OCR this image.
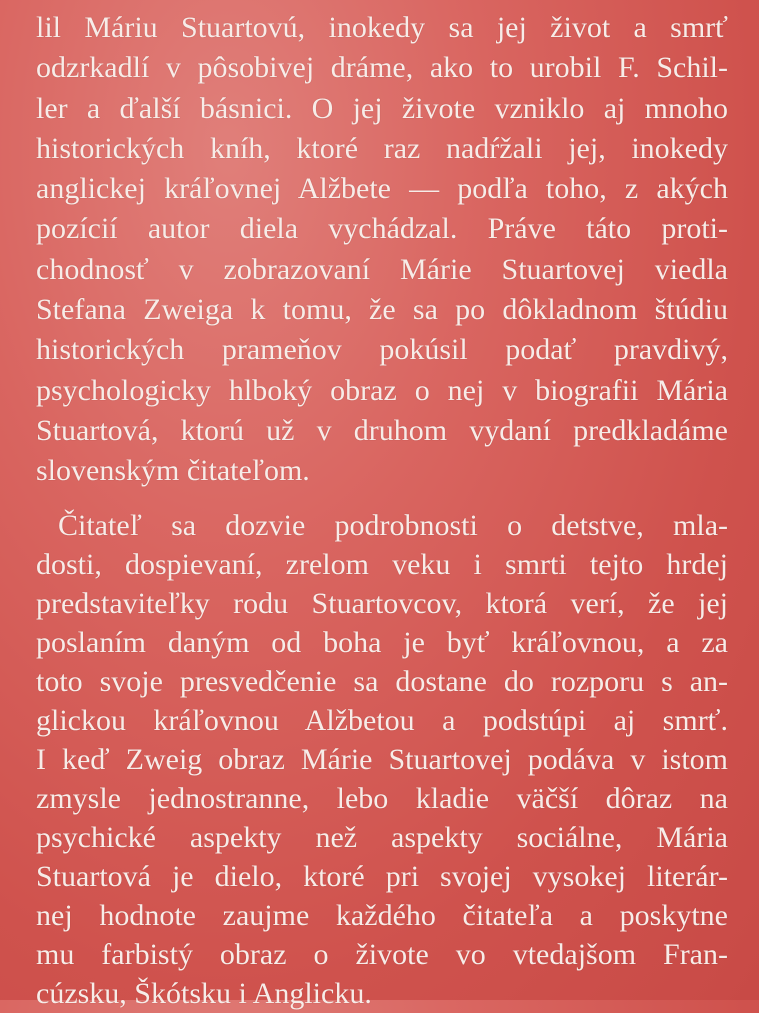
lil Máriu Stuartovú, inokedy sa jej život a smrť
odzrkadlí v pôsobivej dráme, ako to urobil F. Schil-
ler a ďalší básnici. O jej živote vzniklo aj mnoho
historických kníh, ktoré raz nadŕžali jej, inokedy
anglickej kráľovnej Alžbete — podľa toho, z akých
pozícií autor diela vychádzal. Práve táto proti-
chodnosť v zobrazovaní Márie Stuartovej viedla
Stefana Zweiga k tomu, že sa po dôkladnom štúdiu
historických prameňov pokúsil podať pravdivý,
psychologicky hlboký obraz o nej v biografii Mária
Stuartová, ktorú už v druhom vydaní predkladáme
slovenským čitateľom.
Čitateľ sa dozvie podrobnosti o detstve, mla-
dosti, dospievaní, zrelom veku i smrti tejto hrdej
predstaviteľky rodu Stuartovcov, ktorá verí, že jej
poslaním daným od boha je byť kráľovnou, a za
toto svoje presvedčenie sa dostane do rozporu s an-
glickou kráľovnou Alžbetou a podstúpi aj smrť.
I keď Zweig obraz Márie Stuartovej podáva v istom
zmysle jednostranne, lebo kladie väčší dôraz na
psychické aspekty než aspekty sociálne, Mária
Stuartová je dielo, ktoré pri svojej vysokej literár-
nej hodnote zaujme každého čitateľa a poskytne
mu farbistý obraz o živote vo vtedajšom Fran-
cúzsku, Škótsku i Anglicku.
